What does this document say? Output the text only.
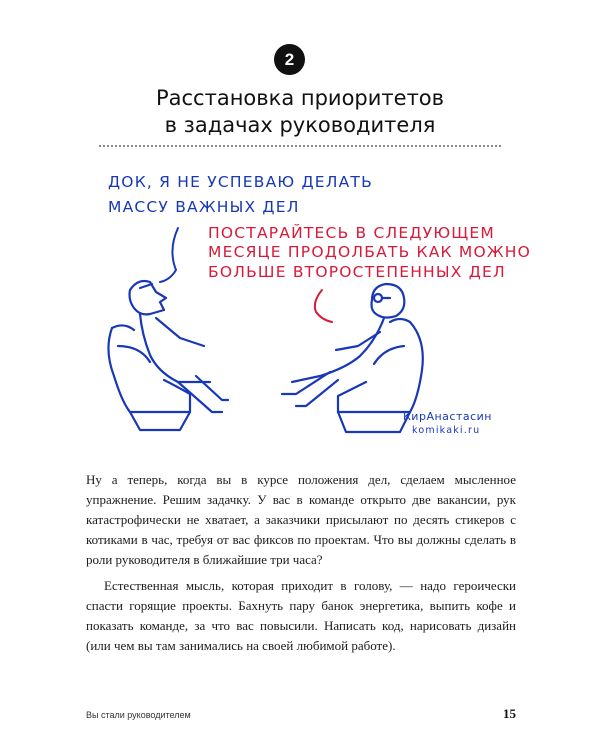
2
Расстановка приоритетов
в задачах руководителя
ДОК, Я НЕ УСПЕВАЮ ДЕЛАТЬ
МАССУ ВАЖНЫХ ДЕЛ
ПОСТАРАЙТЕСЬ В СЛЕДУЮЩЕМ
МЕСЯЦЕ ПРОДОЛБАТЬ КАК МОЖНО
БОЛЬШЕ ВТОРОСТЕПЕННЫХ ДЕЛ
КирАнастасин
komikaki.ru

Ну а теперь, когда вы в курсе положения дел, сделаем мысленное упражнение. Решим задачку. У вас в команде открыто две вакансии, рук катастрофически не хватает, а заказчики присылают по десять стикеров с котиками в час, требуя от вас фиксов по проектам. Что вы должны сделать в роли руководителя в ближайшие три часа?

Естественная мысль, которая приходит в голову, — надо героически спасти горящие проекты. Бахнуть пару банок энергетика, выпить кофе и показать команде, за что вас повысили. Написать код, нарисовать дизайн (или чем вы там занимались на своей любимой работе).

Вы стали руководителем	15
